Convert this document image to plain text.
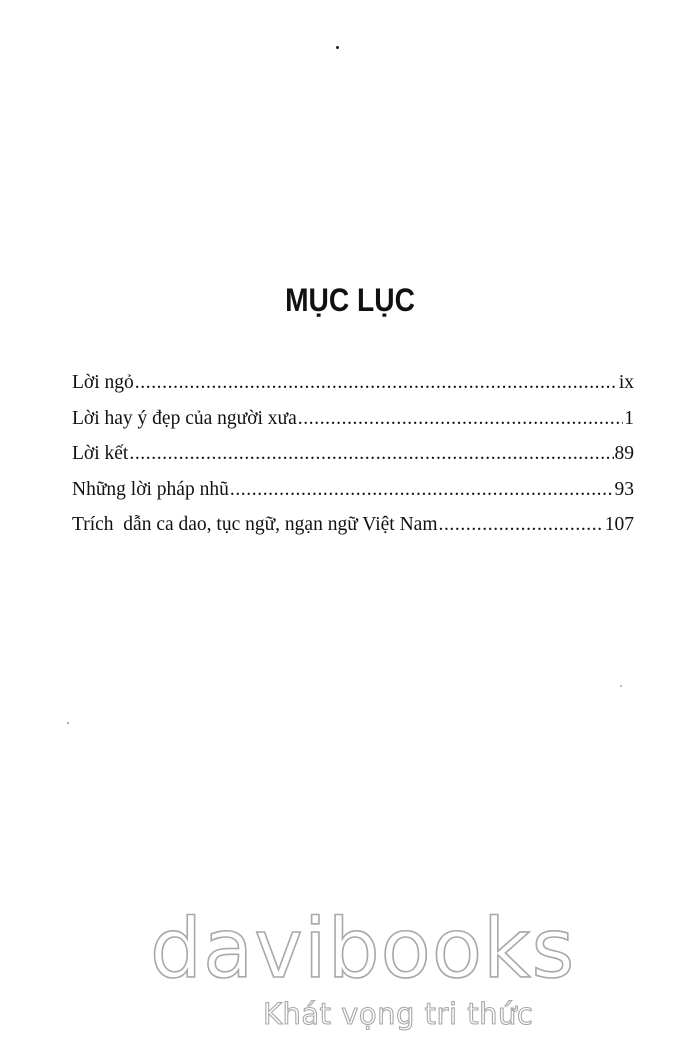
MỤC LỤC
Lời ngỏ .....	ix
Lời hay ý đẹp của người xưa .....	1
Lời kết .....	89
Những lời pháp nhũ .....	93
Trích  dẫn ca dao, tục ngữ, ngạn ngữ Việt Nam .....	107
davibooks
Khát vọng tri thức
